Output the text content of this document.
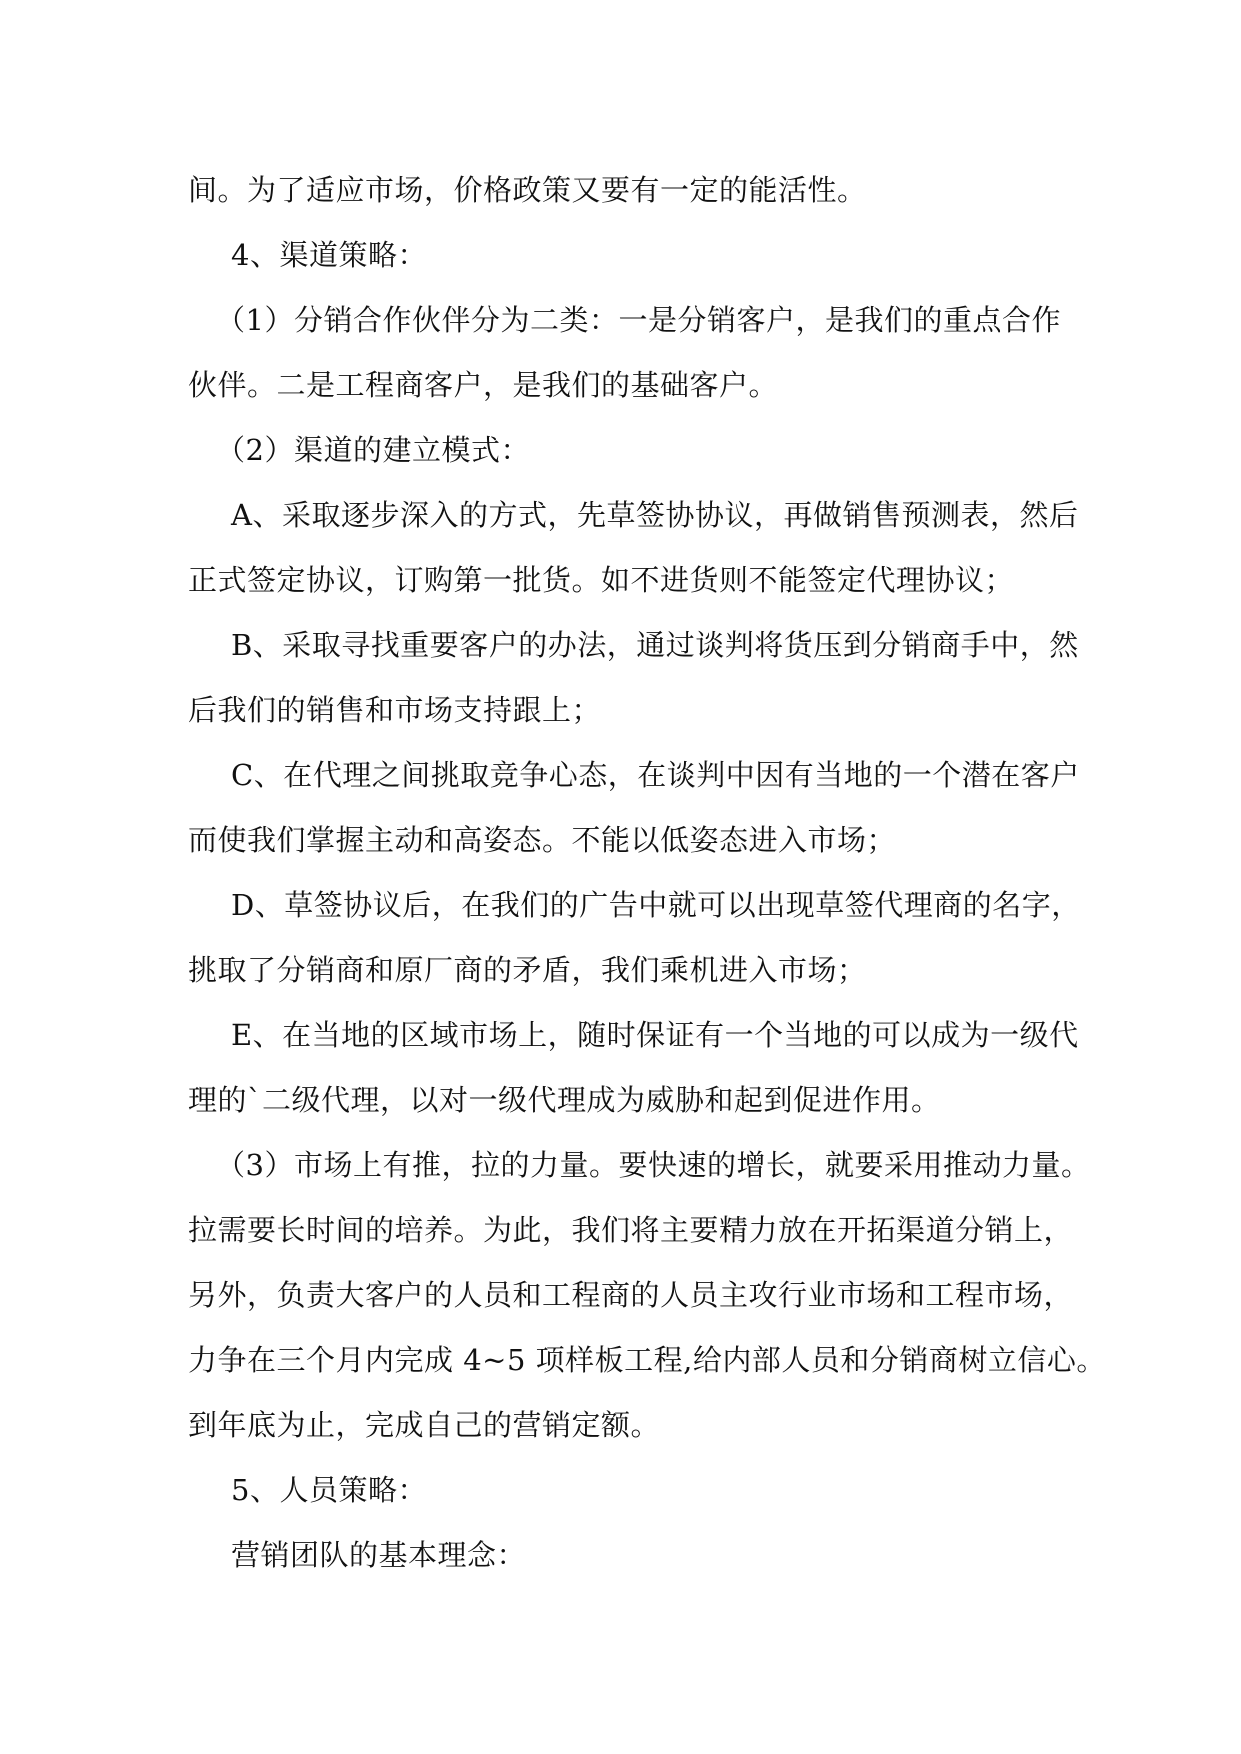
间。为了适应市场，价格政策又要有一定的能活性。
4、渠道策略：
（1）分销合作伙伴分为二类：一是分销客户，是我们的重点合作
伙伴。二是工程商客户，是我们的基础客户。
（2）渠道的建立模式：
A、采取逐步深入的方式，先草签协协议，再做销售预测表，然后
正式签定协议，订购第一批货。如不进货则不能签定代理协议；
B、采取寻找重要客户的办法，通过谈判将货压到分销商手中，然
后我们的销售和市场支持跟上；
C、在代理之间挑取竞争心态，在谈判中因有当地的一个潜在客户
而使我们掌握主动和高姿态。不能以低姿态进入市场；
D、草签协议后，在我们的广告中就可以出现草签代理商的名字，
挑取了分销商和原厂商的矛盾，我们乘机进入市场；
E、在当地的区域市场上，随时保证有一个当地的可以成为一级代
理的`二级代理，以对一级代理成为威胁和起到促进作用。
（3）市场上有推，拉的力量。要快速的增长，就要采用推动力量。
拉需要长时间的培养。为此，我们将主要精力放在开拓渠道分销上，
另外，负责大客户的人员和工程商的人员主攻行业市场和工程市场，
力争在三个月内完成 4~5 项样板工程,给内部人员和分销商树立信心。
到年底为止，完成自己的营销定额。
5、人员策略：
营销团队的基本理念：
